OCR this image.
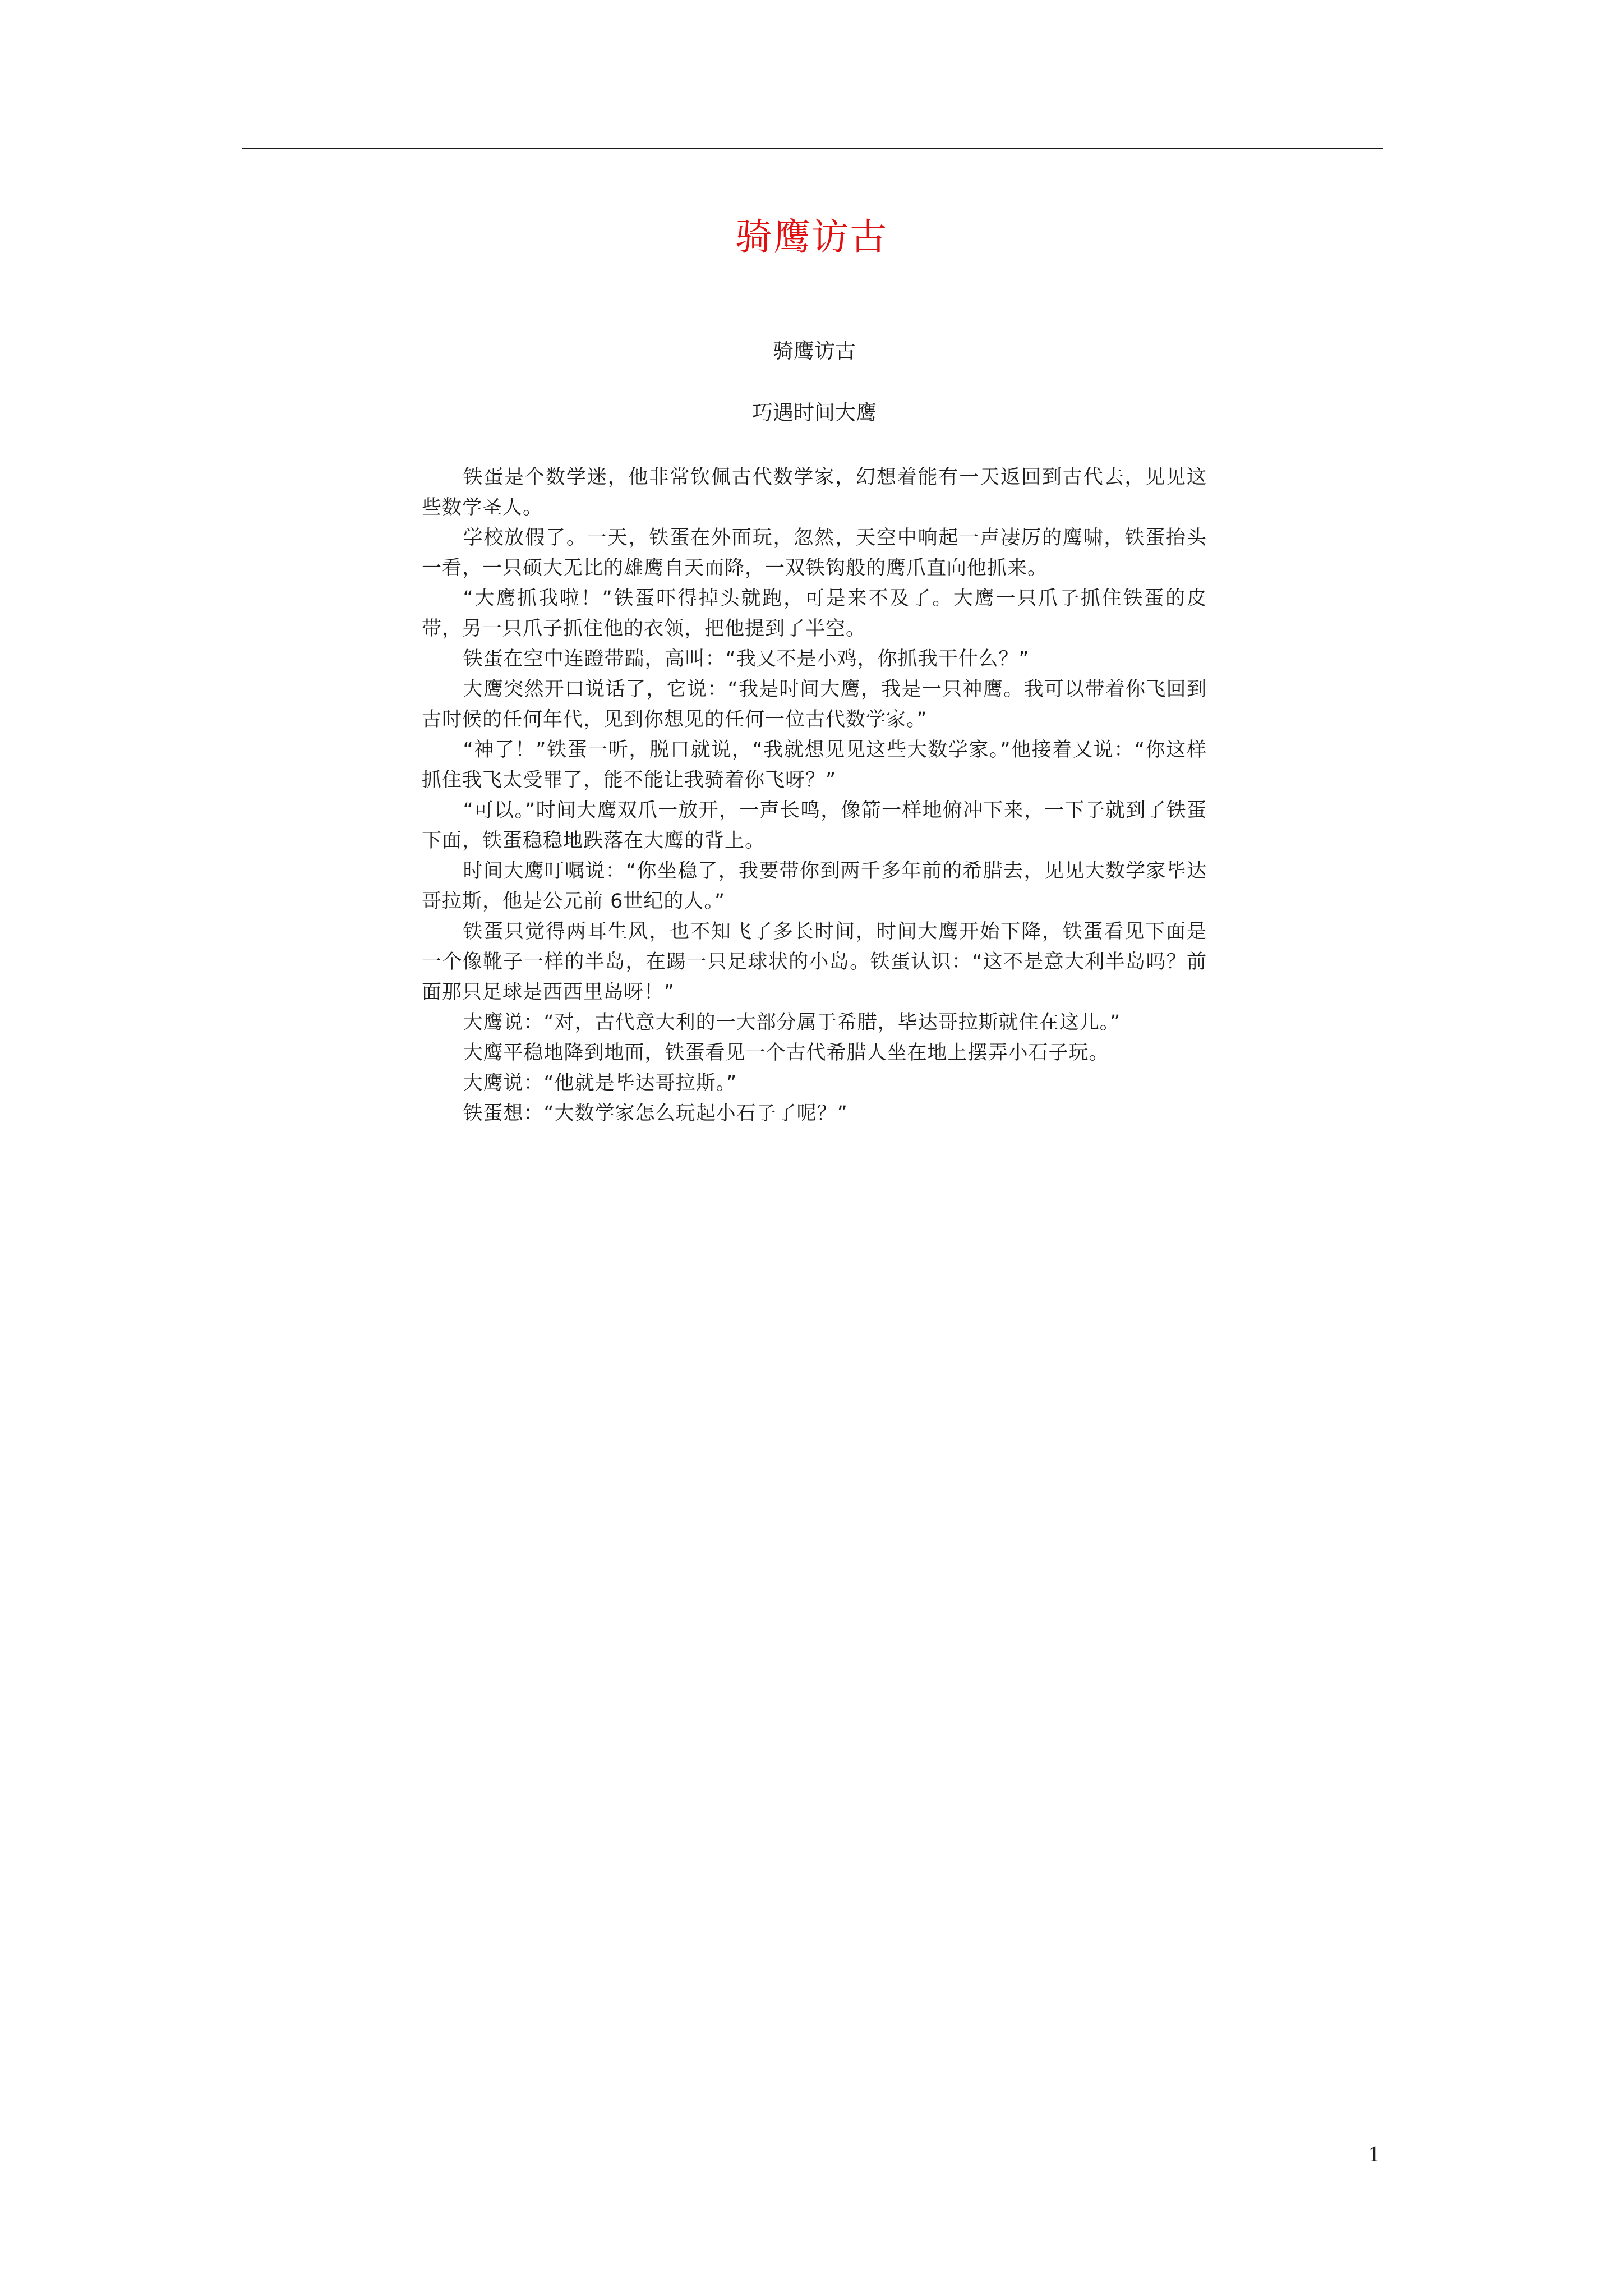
骑鹰访古
骑鹰访古
巧遇时间大鹰

铁蛋是个数学迷，他非常钦佩古代数学家，幻想着能有一天返回到古代去，见见这些数学圣人。

学校放假了。一天，铁蛋在外面玩，忽然，天空中响起一声凄厉的鹰啸，铁蛋抬头一看，一只硕大无比的雄鹰自天而降，一双铁钩般的鹰爪直向他抓来。

“大鹰抓我啦！”铁蛋吓得掉头就跑，可是来不及了。大鹰一只爪子抓住铁蛋的皮带，另一只爪子抓住他的衣领，把他提到了半空。

铁蛋在空中连蹬带踹，高叫：“我又不是小鸡，你抓我干什么？”

大鹰突然开口说话了，它说：“我是时间大鹰，我是一只神鹰。我可以带着你飞回到古时候的任何年代，见到你想见的任何一位古代数学家。”

“神了！”铁蛋一听，脱口就说，“我就想见见这些大数学家。”他接着又说：“你这样抓住我飞太受罪了，能不能让我骑着你飞呀？”

“可以。”时间大鹰双爪一放开，一声长鸣，像箭一样地俯冲下来，一下子就到了铁蛋下面，铁蛋稳稳地跌落在大鹰的背上。

时间大鹰叮嘱说：“你坐稳了，我要带你到两千多年前的希腊去，见见大数学家毕达哥拉斯，他是公元前 6世纪的人。”

铁蛋只觉得两耳生风，也不知飞了多长时间，时间大鹰开始下降，铁蛋看见下面是一个像靴子一样的半岛，在踢一只足球状的小岛。铁蛋认识：“这不是意大利半岛吗？前面那只足球是西西里岛呀！”

大鹰说：“对，古代意大利的一大部分属于希腊，毕达哥拉斯就住在这儿。”

大鹰平稳地降到地面，铁蛋看见一个古代希腊人坐在地上摆弄小石子玩。

大鹰说：“他就是毕达哥拉斯。”

铁蛋想：“大数学家怎么玩起小石子了呢？”

1
